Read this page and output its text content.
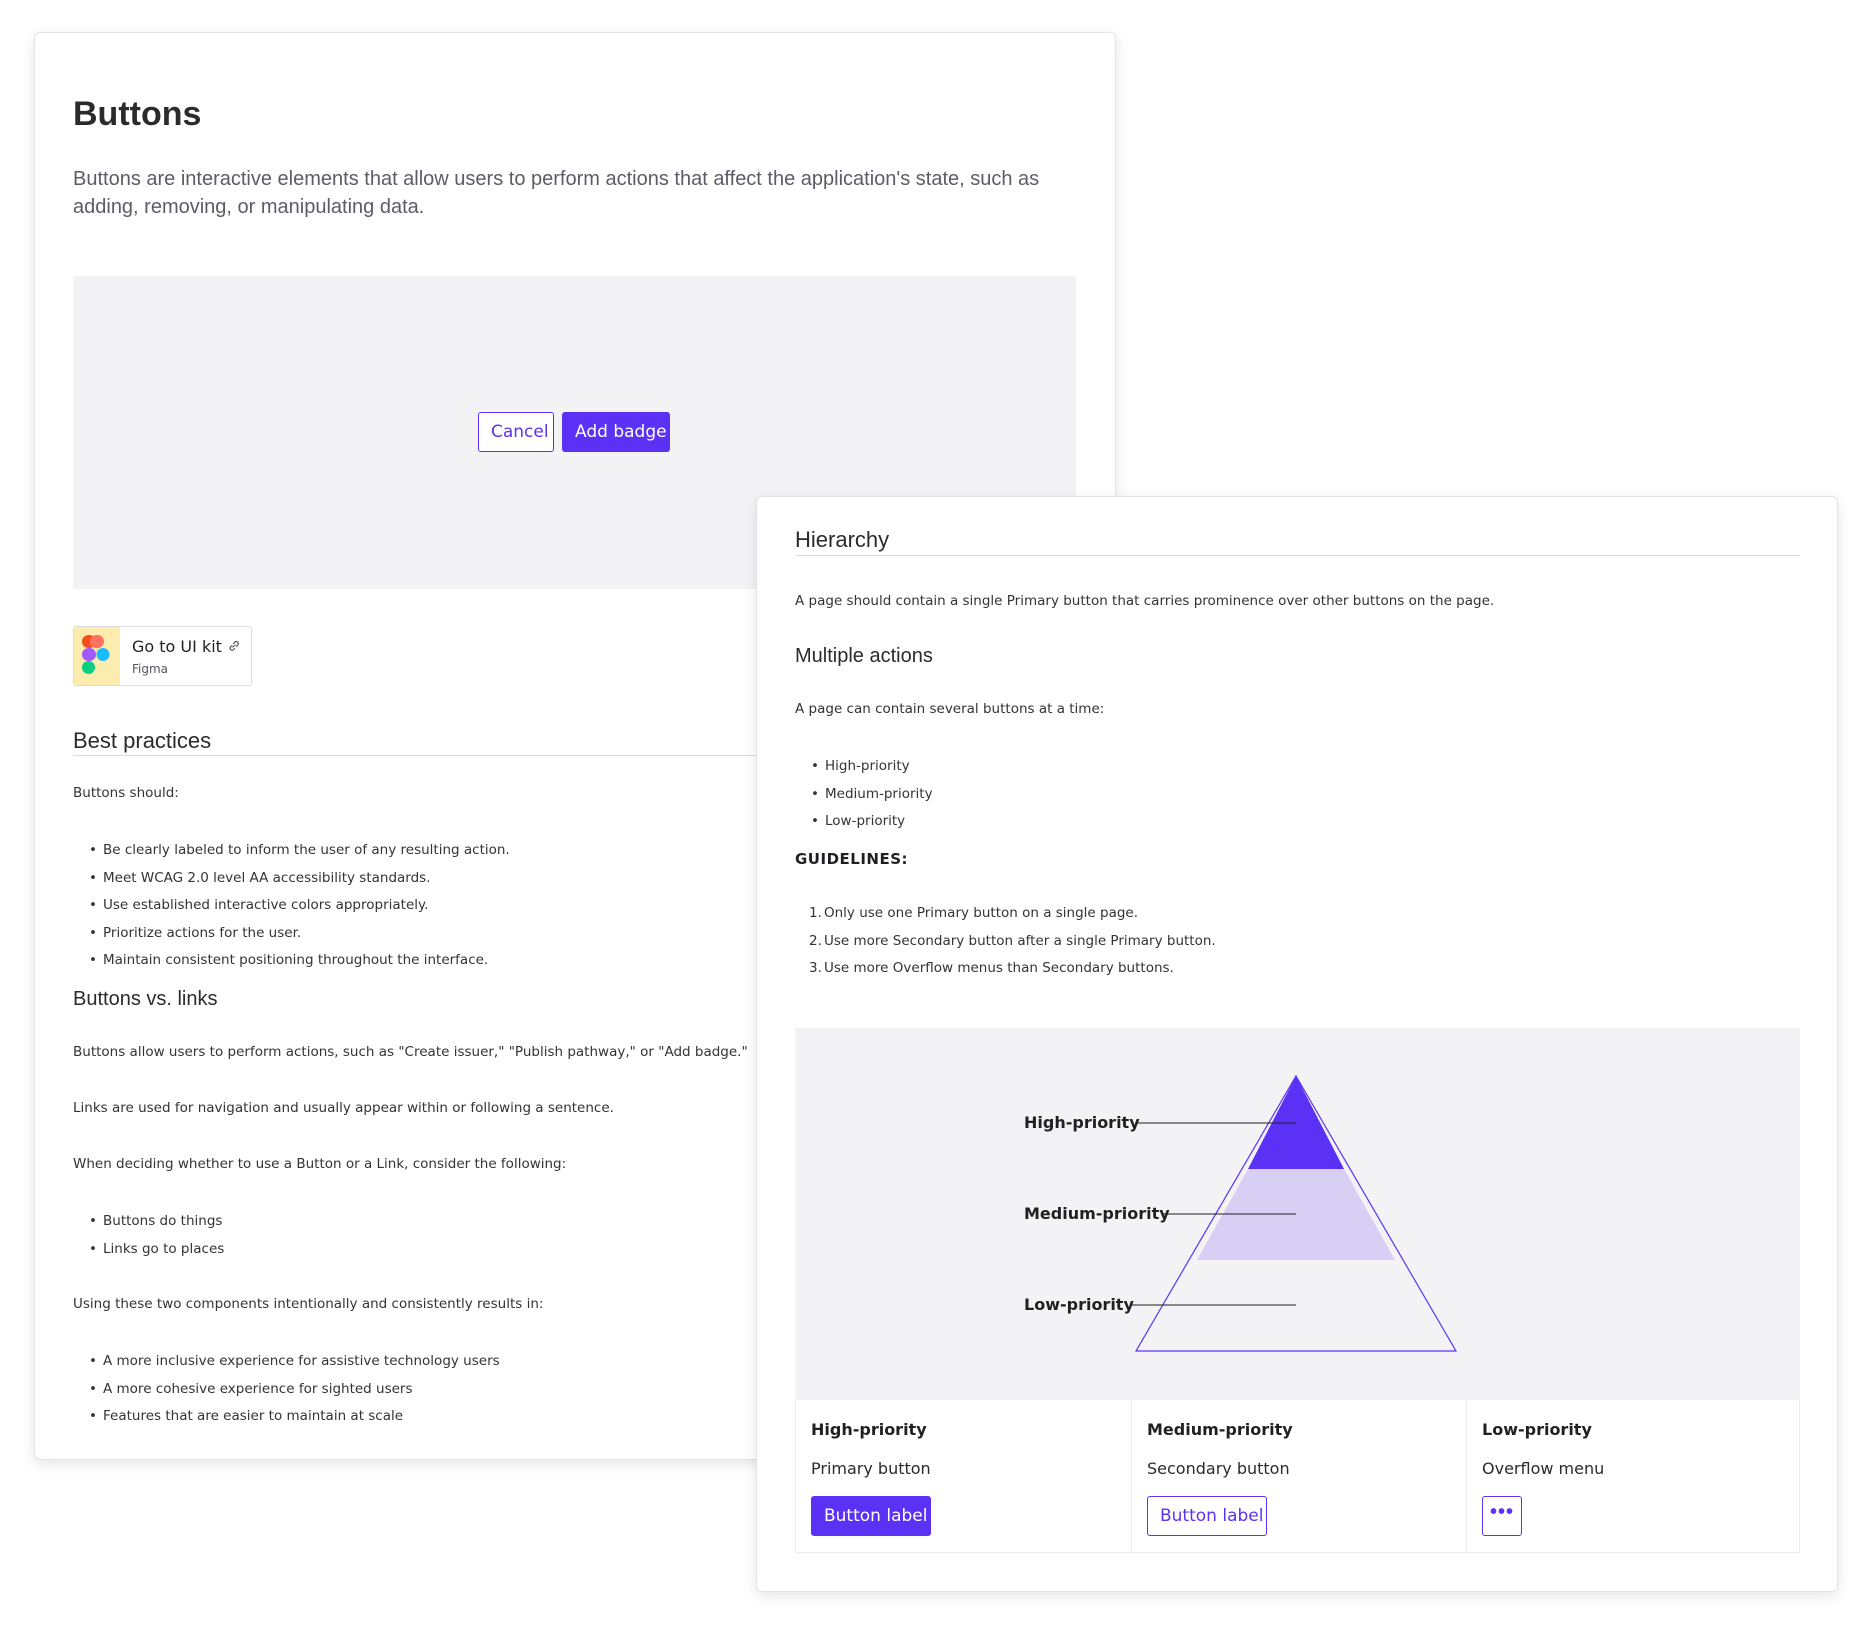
Buttons
Buttons are interactive elements that allow users to perform actions that affect the application's state, such as adding, removing, or manipulating data.
Cancel	Add badge
Go to UI kit
Figma
Best practices
Buttons should:
• Be clearly labeled to inform the user of any resulting action.
• Meet WCAG 2.0 level AA accessibility standards.
• Use established interactive colors appropriately.
• Prioritize actions for the user.
• Maintain consistent positioning throughout the interface.
Buttons vs. links
Buttons allow users to perform actions, such as "Create issuer," "Publish pathway," or "Add badge."
Links are used for navigation and usually appear within or following a sentence.
When deciding whether to use a Button or a Link, consider the following:
• Buttons do things
• Links go to places
Using these two components intentionally and consistently results in:
• A more inclusive experience for assistive technology users
• A more cohesive experience for sighted users
• Features that are easier to maintain at scale
Hierarchy
A page should contain a single Primary button that carries prominence over other buttons on the page.
Multiple actions
A page can contain several buttons at a time:
• High-priority
• Medium-priority
• Low-priority
GUIDELINES:
1. Only use one Primary button on a single page.
2. Use more Secondary button after a single Primary button.
3. Use more Overflow menus than Secondary buttons.
High-priority
Medium-priority
Low-priority
High-priority
Primary button
Button label
Medium-priority
Secondary button
Button label
Low-priority
Overflow menu
•••
